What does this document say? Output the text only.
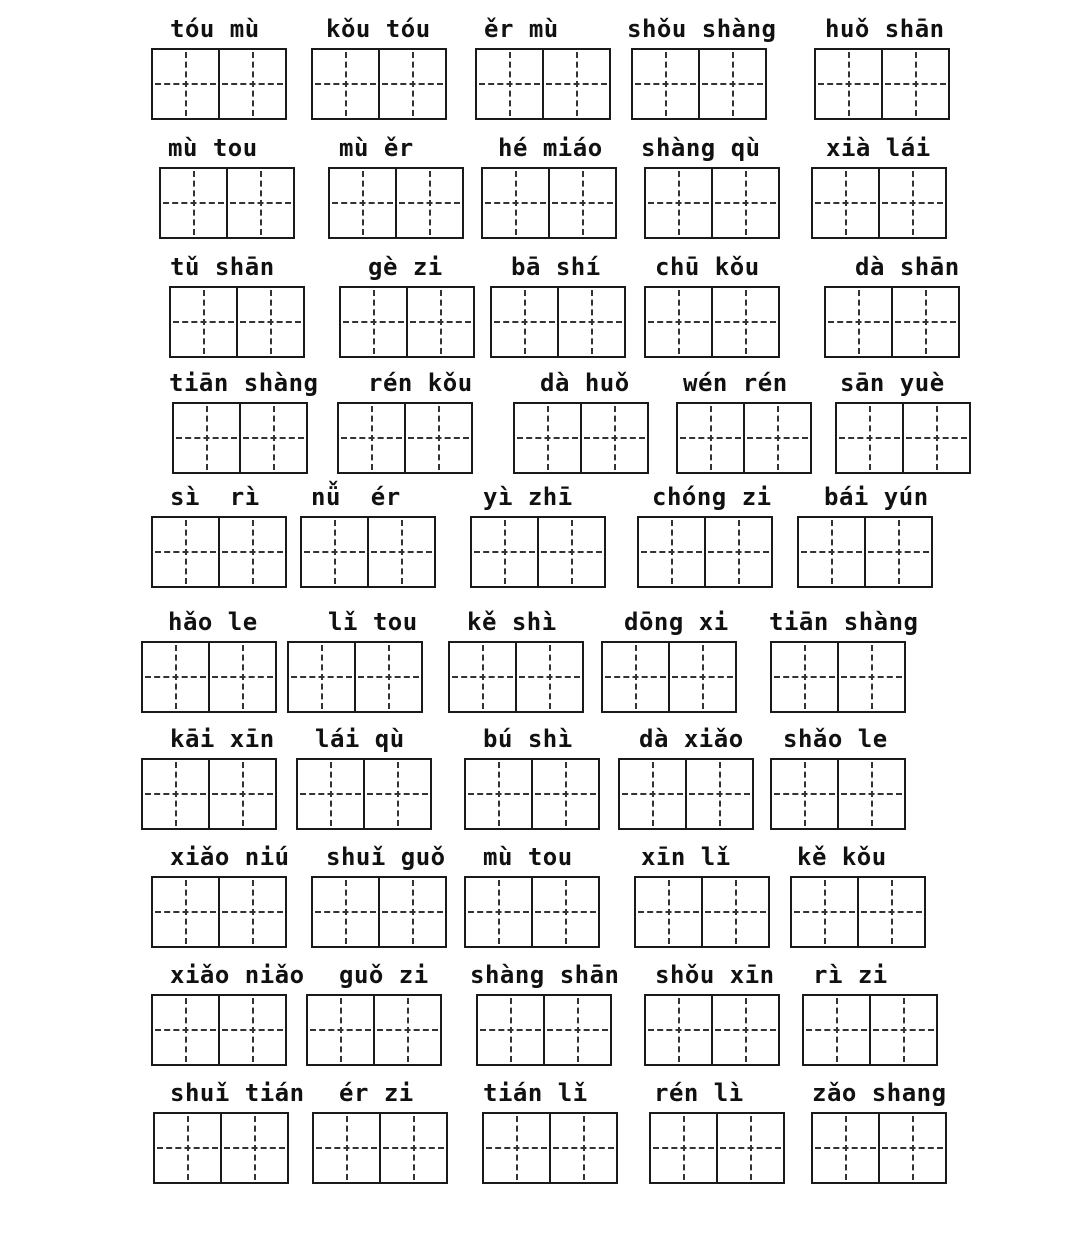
tóu mù	kǒu tóu	ěr mù	shǒu shàng	huǒ shān
mù tou	mù ěr	hé miáo	shàng qù	xià lái
tǔ shān	gè zi	bā shí	chū kǒu	dà shān
tiān shàng	rén kǒu	dà huǒ	wén rén	sān yuè
sì  rì	nǚ  ér	yì zhī	chóng zi	bái yún
hǎo le	lǐ tou	kě shì	dōng xi	tiān shàng
kāi xīn	lái qù	bú shì	dà xiǎo	shǎo le
xiǎo niú	shuǐ guǒ	mù tou	xīn lǐ	kě kǒu
xiǎo niǎo	guǒ zi	shàng shān	shǒu xīn	rì zi
shuǐ tián	ér zi	tián lǐ	rén lì	zǎo shang
